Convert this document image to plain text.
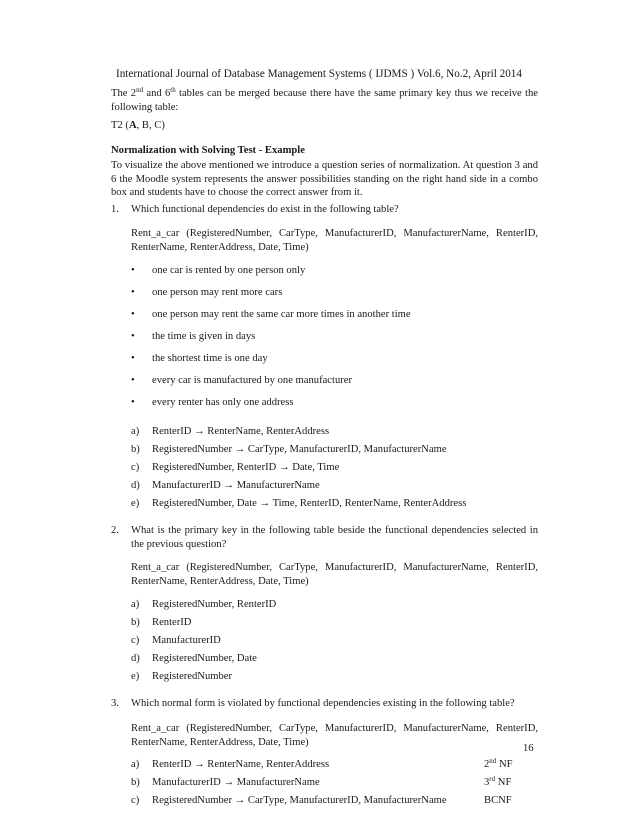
International Journal of Database Management Systems ( IJDMS ) Vol.6, No.2, April 2014
The 2nd and 6th tables can be merged because there have the same primary key thus we receive the following table:
T2 (A, B, C)
Normalization with Solving Test - Example
To visualize the above mentioned we introduce a question series of normalization. At question 3 and 6 the Moodle system represents the answer possibilities standing on the right hand side in a combo box and students have to choose the correct answer from it.
1. Which functional dependencies do exist in the following table?
Rent_a_car (RegisteredNumber, CarType, ManufacturerID, ManufacturerName, RenterID, RenterName, RenterAddress, Date, Time)
• one car is rented by one person only
• one person may rent more cars
• one person may rent the same car more times in another time
• the time is given in days
• the shortest time is one day
• every car is manufactured by one manufacturer
• every renter has only one address
a) RenterID → RenterName, RenterAddress
b) RegisteredNumber → CarType, ManufacturerID, ManufacturerName
c) RegisteredNumber, RenterID → Date, Time
d) ManufacturerID → ManufacturerName
e) RegisteredNumber, Date → Time, RenterID, RenterName, RenterAddress
2. What is the primary key in the following table beside the functional dependencies selected in the previous question?
Rent_a_car (RegisteredNumber, CarType, ManufacturerID, ManufacturerName, RenterID, RenterName, RenterAddress, Date, Time)
a) RegisteredNumber, RenterID
b) RenterID
c) ManufacturerID
d) RegisteredNumber, Date
e) RegisteredNumber
3. Which normal form is violated by functional dependencies existing in the following table?
Rent_a_car (RegisteredNumber, CarType, ManufacturerID, ManufacturerName, RenterID, RenterName, RenterAddress, Date, Time)
a) RenterID → RenterName, RenterAddress	2nd NF
b) ManufacturerID → ManufacturerName	3rd NF
c) RegisteredNumber → CarType, ManufacturerID, ManufacturerName	BCNF
16
